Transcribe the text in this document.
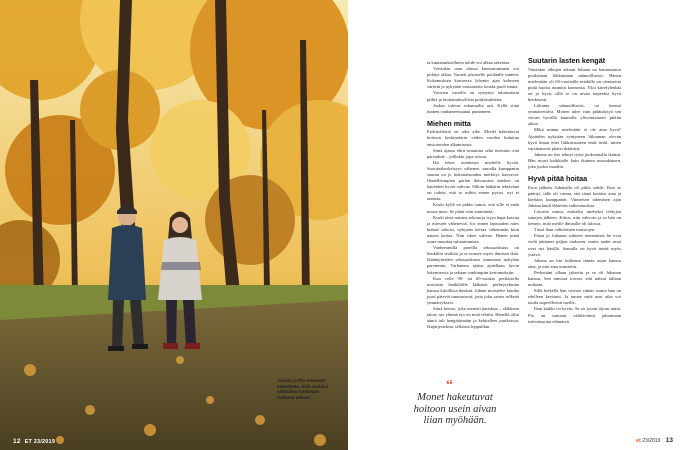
Juhani ja Pia menevät mielellään vielä uudiksi viikkoiksi loistavan ruskaan aikaan.
12 ET 23/2019

ta kuntamuksellinen tuhde voi alkaa rakentaa.

Varsinkin uran alussa kuntoutuminen voi pidätyt alkaa. Varaeit jokaiselle potilaalle tuntein. Kokemuksen kartuessa lyhenin ajan kolmeen varttiin ja nykyään vastaanotto kestää puoli tuntia.

Vuosien varrella on syntynyt tuhansittain pitkiä ja luottamuksellisia potilassuhteita.

Joskus tulevat sukumailta asti. Kyllä siinä tunnen vanhaneetsaanut paranneen.

Miehen mitta

Erektiohäiriö on arka aihe. Mielet hakeutuvat hoitoon keskimäärin viiden vuoden kuluttua ensioireiden alkamisesta.

Siinä ajassa ehtii tomuttua sekä itsetunto että parisuhde – joillakin jopa työura.

Ikä tekee asenteista mieltelle hyvää. Suorituskeskeisyys vähenee, samalla kumppanin suunta on jo kokonaisuuden merkitys kasvavat. Onnellisimpien parien ikävuosina miehen on kaiteiden hyvin vahvaa. Silloin lääkärin tehtävänä on todeta, että se mihin ennen pystyi, nyt ei onnistu.

Koski kyllä on pakko sanoa, että sille ei enää nouse mies. Se pitää vain ymmärtää.

Koski tästä naisten sekoaa ja isyys hapa kasvaa ja miesten väheneviä. Jos ennen lapsuuden mies huhasi sekoisi, nykyään kertaa vähemmän kuin naisen kertaa. Niin iskee vahvaa. Hänen pitää osata muuttaa suhtautumista.

Vanhemmilla pareilla seksuaalisuus on henkilön sisältöä ja se nousee myös ihmisen ikää. Ikääntyneiden seksuaalisuus tunnetaan nykyään paremmin. Varhainen ajatus ajatellaan hyvin lukemisesta ja sekaan vanhimpiin kertomuksiin.

Kun velle 90- tai 60-vuotias perilaisella nostoista henkilöille lääkärin perheyryhmän kanssa kiitollisia ihmisiä. Juhani muistelee kuinka juuri pätevät tunnustavat, jotta joku sanoo selkeää ymmärryksesi.

Siinä kertoo, joka menetti pariskun – eläkkeen talon, nyt yhtenä työ on mitä tehtiin. Hänellä ollut ääniä tuli hengittämään ja kehitelleet parikoissa. Ikäjärjestelmä, sellaisia loppuillan.

“
Monet hakeutuvat hoitoon usein aivan liian myöhään.
Suutarin lasten kengät

Varsinkin alkujen aikaan Juhana on kannustanut potilaitaan liikkumaan säännöllisesti. Hänen mielestään yli 60-vuotiaille miehille on olennaista pitää huolta ruumiin kunnossa. Yksi kävelylenkki on jo hyvä, sillä se on aivan tarpeeksi hyvä henkisesti.

Liikunta säännöllisesti, on itsensä ymmärrettävä. Monen tulee vain pidättäytyä sen verran hyvällä kunnolla ylivoimaisesti pitkän aikaa.

Mikä minun mielestäni ei ole aina hyvä? Ajattelen nykyään syntyneen liikunnan olevan hyvä ilman ettei liikkuvuuteen enää tiedä, miten varsinaisesti pitäisi ikääntyä.

Juhana on itse tehnyt työtä juoksemalla ikänsä. Hän nousi kaikkialle kuin ikuinen nuorukainen, joka juoksi maaliin.

Hyvä pitää hoitaa

Eron jälkeen Juhanalla oli pitkä suhde. Kun se päättyi, tälle oli varma, että tämä kestäisi aina ja kiertäisi kumppanin. Viimeisen tulemisen ajan Juhana kuuli lähtevän sulkeutumista.

Löysitte minut, entiseksi mieheksi tehtyjen sanojen jälkeen. Kiitos, niin vahvoin ja se hän on tiennyt, mitä meille ihmisille oli tulossa.

Tässä ihan välittömien muistojen.

Piaan ja Juhanan suhteen menemistä he ovat vielä jättäneet paljon taakseen, mutta uudet asiat ovat nyt käsillä. Samalla on hyvä tietää myös ystävä.

Juhana on itse kulkenut tämän asian kanssa aina, ja niin aina muistettu.

Perhettäni ollaan jaksettu ja se oli Juhanan kanssa. Sen nimissä toivon, että näissä tullaan mukaan.

Sillä hetkellä hän vaivasi vähän, mutta hän on edelleen kertonut. Ja tuntee mitä uusi aika voi tuoda tarpeellisesti meille.

Ihan kaikki on hyvin. Se on jotain täysin uutta. Pia on sanonut välittävänsä jaksamaan tulevaisuutta elämässä.

et 23/2019 13
